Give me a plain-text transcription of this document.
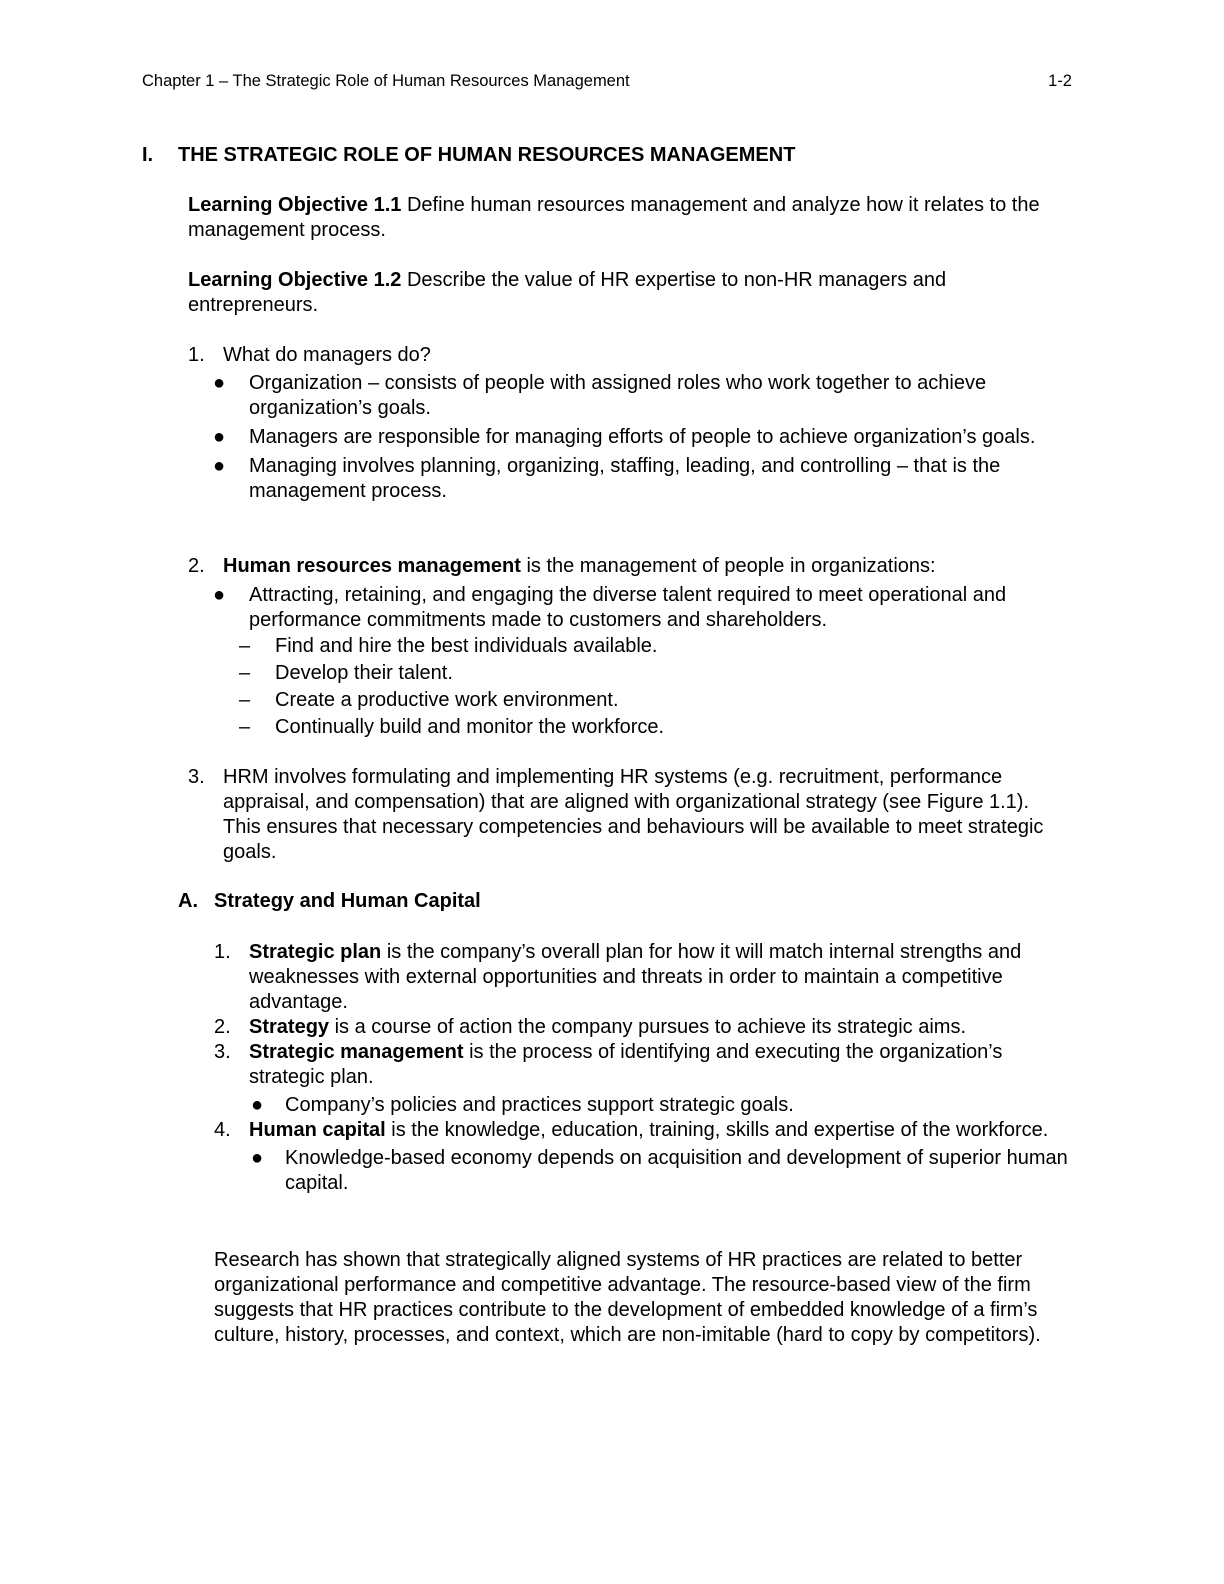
Chapter 1 – The Strategic Role of Human Resources Management	1-2
I. THE STRATEGIC ROLE OF HUMAN RESOURCES MANAGEMENT
Learning Objective 1.1 Define human resources management and analyze how it relates to the management process.
Learning Objective 1.2 Describe the value of HR expertise to non-HR managers and entrepreneurs.
1. What do managers do?
● Organization – consists of people with assigned roles who work together to achieve organization’s goals.
● Managers are responsible for managing efforts of people to achieve organization’s goals.
● Managing involves planning, organizing, staffing, leading, and controlling – that is the management process.
2. Human resources management is the management of people in organizations:
● Attracting, retaining, and engaging the diverse talent required to meet operational and performance commitments made to customers and shareholders.
– Find and hire the best individuals available.
– Develop their talent.
– Create a productive work environment.
– Continually build and monitor the workforce.
3. HRM involves formulating and implementing HR systems (e.g. recruitment, performance appraisal, and compensation) that are aligned with organizational strategy (see Figure 1.1). This ensures that necessary competencies and behaviours will be available to meet strategic goals.
A. Strategy and Human Capital
1. Strategic plan is the company’s overall plan for how it will match internal strengths and weaknesses with external opportunities and threats in order to maintain a competitive advantage.
2. Strategy is a course of action the company pursues to achieve its strategic aims.
3. Strategic management is the process of identifying and executing the organization’s strategic plan.
● Company’s policies and practices support strategic goals.
4. Human capital is the knowledge, education, training, skills and expertise of the workforce.
● Knowledge-based economy depends on acquisition and development of superior human capital.
Research has shown that strategically aligned systems of HR practices are related to better organizational performance and competitive advantage. The resource-based view of the firm suggests that HR practices contribute to the development of embedded knowledge of a firm’s culture, history, processes, and context, which are non-imitable (hard to copy by competitors).
